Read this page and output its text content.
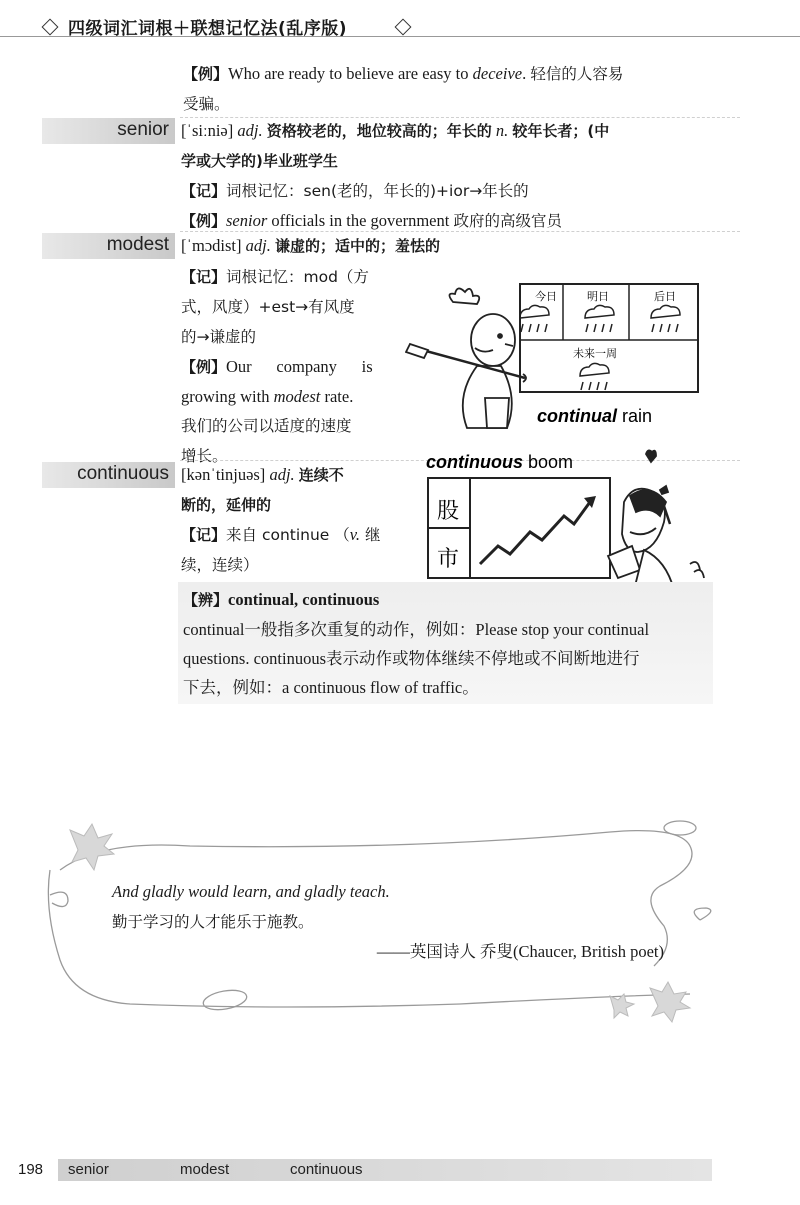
四级词汇词根＋联想记忆法(乱序版)
【例】Who are ready to believe are easy to deceive. 轻信的人容易
受骗。
senior [ˈsiːniə] adj. 资格较老的，地位较高的；年长的 n. 较年长者；(中
学或大学的)毕业班学生
【记】词根记忆：sen(老的，年长的)+ior→年长的
【例】senior officials in the government 政府的高级官员
modest [ˈmɔdist] adj. 谦虚的；适中的；羞怯的
【记】词根记忆：mod（方
式，风度）+est→有风度
的→谦虚的
【例】Our      company      is
growing with modest rate.
我们的公司以适度的速度
增长。
今日	明日	后日
未来一周
continual rain
continuous [kənˈtinjuəs] adj. 连续不
断的，延伸的
【记】来自 continue （v. 继
续，连续）
continuous boom
股
市
【辨】continual, continuous
continual一般指多次重复的动作，例如：Please stop your continual
questions. continuous表示动作或物体继续不停地或不间断地进行
下去，例如：a continuous flow of traffic。
And gladly would learn, and gladly teach.
勤于学习的人才能乐于施教。
——英国诗人 乔叟(Chaucer, British poet)
198 senior	modest	continuous
